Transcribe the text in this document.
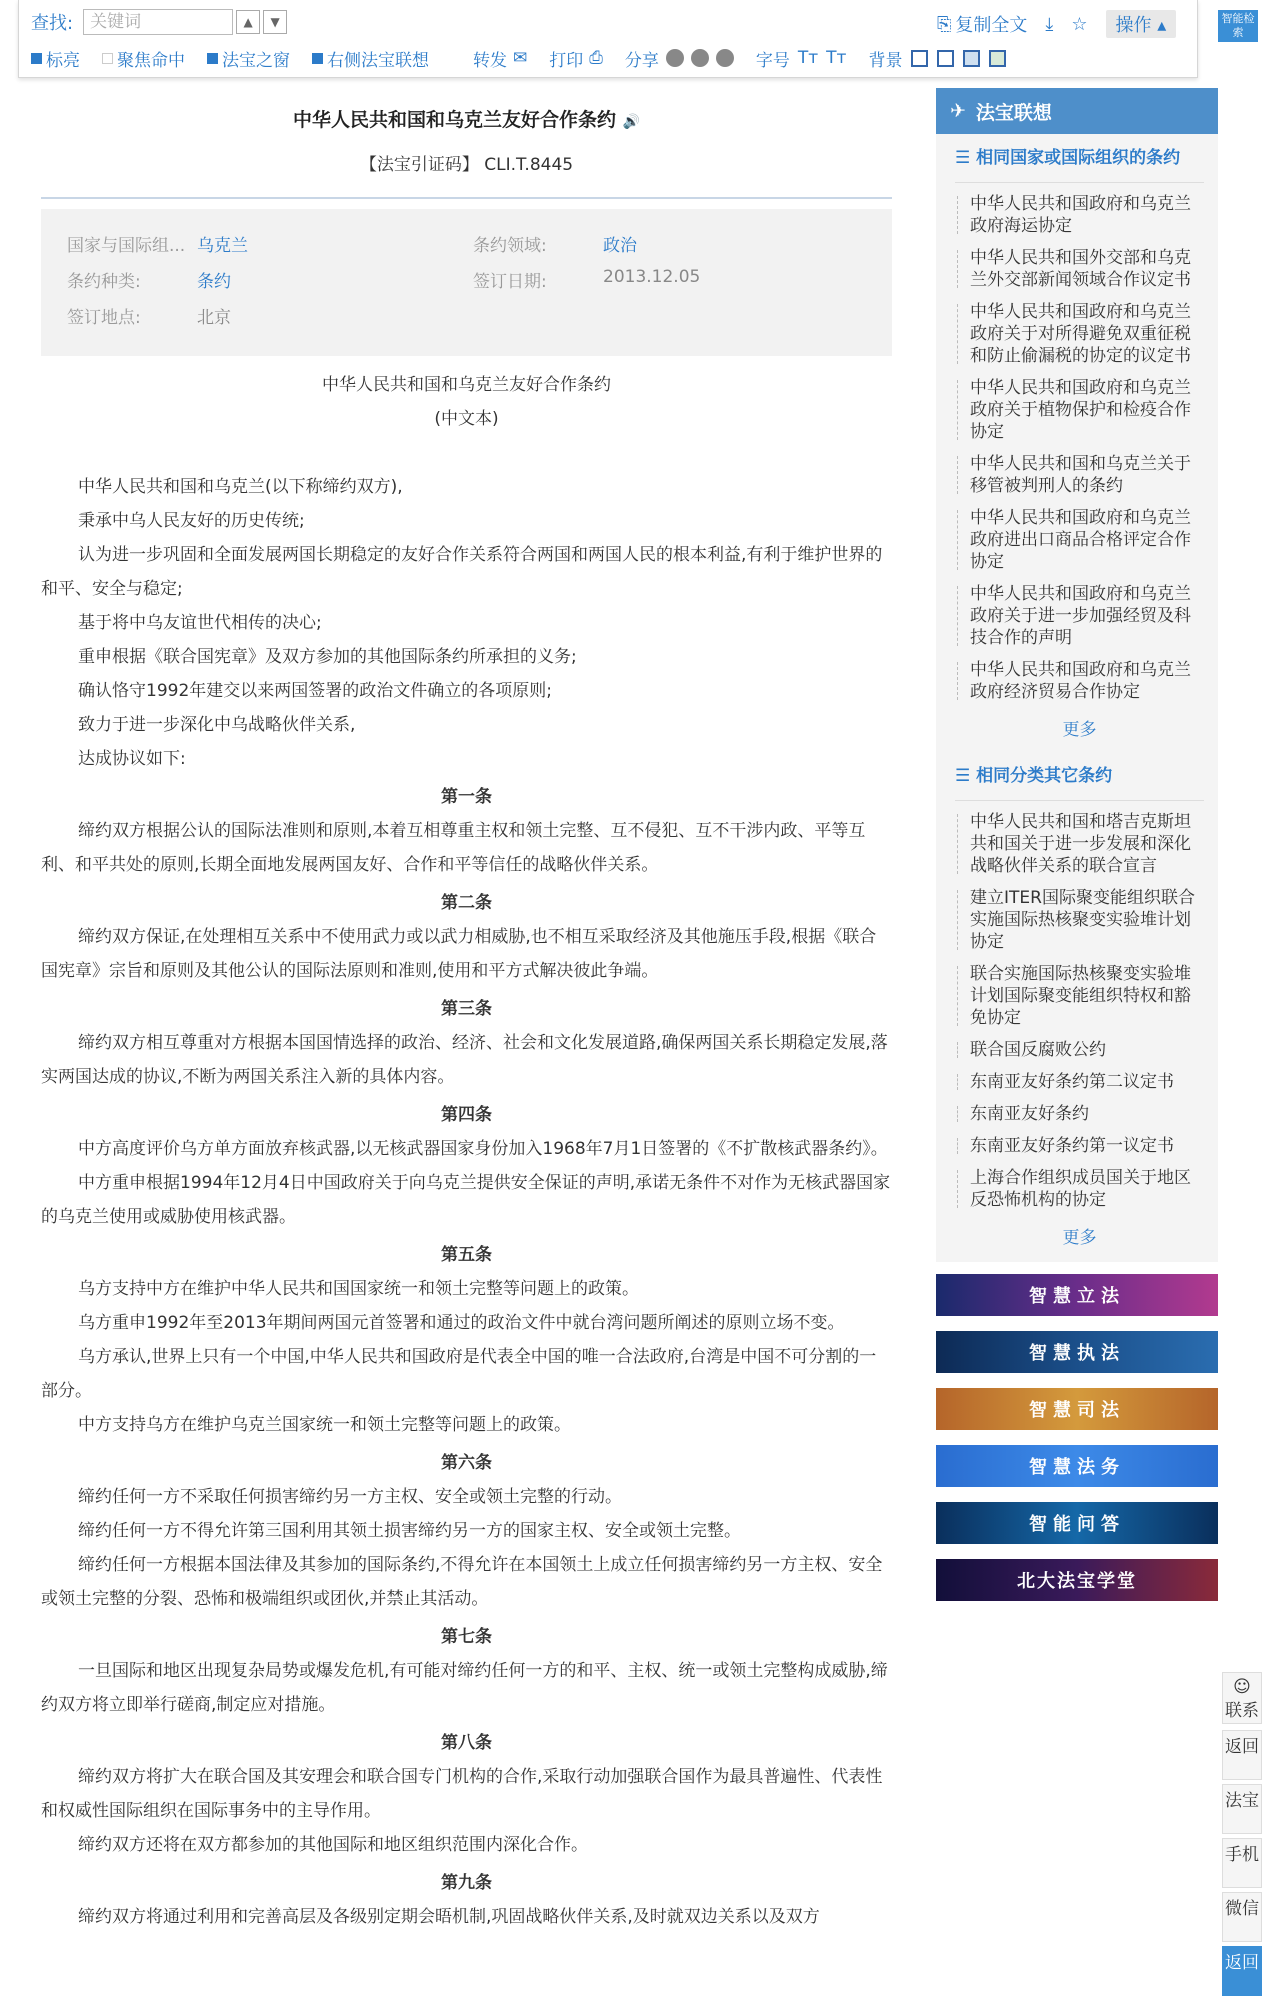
查找:	关键词	▲	▼	⎘ 复制全文 ⤓ ☆	操作 ▴
标亮 聚焦命中 法宝之窗 右侧法宝联想	转发 ✉ 打印 ⎙ 分享	字号 Tт Tт 背景
智能检索
中华人民共和国和乌克兰友好合作条约 🔊
【法宝引证码】 CLI.T.8445
国家与国际组... 乌克兰	条约领域:	政治
条约种类:	条约	签订日期:	2013.12.05
签订地点:	北京
中华人民共和国和乌克兰友好合作条约
(中文本)
中华人民共和国和乌克兰(以下称缔约双方),
秉承中乌人民友好的历史传统;
认为进一步巩固和全面发展两国长期稳定的友好合作关系符合两国和两国人民的根本利益,有利于维护世界的和平、安全与稳定;
基于将中乌友谊世代相传的决心;
重申根据《联合国宪章》及双方参加的其他国际条约所承担的义务;
确认恪守1992年建交以来两国签署的政治文件确立的各项原则;
致力于进一步深化中乌战略伙伴关系,
达成协议如下:
第一条
缔约双方根据公认的国际法准则和原则,本着互相尊重主权和领土完整、互不侵犯、互不干涉内政、平等互利、和平共处的原则,长期全面地发展两国友好、合作和平等信任的战略伙伴关系。
第二条
缔约双方保证,在处理相互关系中不使用武力或以武力相威胁,也不相互采取经济及其他施压手段,根据《联合国宪章》宗旨和原则及其他公认的国际法原则和准则,使用和平方式解决彼此争端。
第三条
缔约双方相互尊重对方根据本国国情选择的政治、经济、社会和文化发展道路,确保两国关系长期稳定发展,落实两国达成的协议,不断为两国关系注入新的具体内容。
第四条
中方高度评价乌方单方面放弃核武器,以无核武器国家身份加入1968年7月1日签署的《不扩散核武器条约》。
中方重申根据1994年12月4日中国政府关于向乌克兰提供安全保证的声明,承诺无条件不对作为无核武器国家的乌克兰使用或威胁使用核武器。
第五条
乌方支持中方在维护中华人民共和国国家统一和领土完整等问题上的政策。
乌方重申1992年至2013年期间两国元首签署和通过的政治文件中就台湾问题所阐述的原则立场不变。
乌方承认,世界上只有一个中国,中华人民共和国政府是代表全中国的唯一合法政府,台湾是中国不可分割的一部分。
中方支持乌方在维护乌克兰国家统一和领土完整等问题上的政策。
第六条
缔约任何一方不采取任何损害缔约另一方主权、安全或领土完整的行动。
缔约任何一方不得允许第三国利用其领土损害缔约另一方的国家主权、安全或领土完整。
缔约任何一方根据本国法律及其参加的国际条约,不得允许在本国领土上成立任何损害缔约另一方主权、安全或领土完整的分裂、恐怖和极端组织或团伙,并禁止其活动。
第七条
一旦国际和地区出现复杂局势或爆发危机,有可能对缔约任何一方的和平、主权、统一或领土完整构成威胁,缔约双方将立即举行磋商,制定应对措施。
第八条
缔约双方将扩大在联合国及其安理会和联合国专门机构的合作,采取行动加强联合国作为最具普遍性、代表性和权威性国际组织在国际事务中的主导作用。
缔约双方还将在双方都参加的其他国际和地区组织范围内深化合作。
第九条
缔约双方将通过利用和完善高层及各级别定期会晤机制,巩固战略伙伴关系,及时就双边关系以及双方
✈ 法宝联想
☰ 相同国家或国际组织的条约
中华人民共和国政府和乌克兰政府海运协定
中华人民共和国外交部和乌克兰外交部新闻领域合作议定书
中华人民共和国政府和乌克兰政府关于对所得避免双重征税和防止偷漏税的协定的议定书
中华人民共和国政府和乌克兰政府关于植物保护和检疫合作协定
中华人民共和国和乌克兰关于移管被判刑人的条约
中华人民共和国政府和乌克兰政府进出口商品合格评定合作协定
中华人民共和国政府和乌克兰政府关于进一步加强经贸及科技合作的声明
中华人民共和国政府和乌克兰政府经济贸易合作协定
更多
☰ 相同分类其它条约
中华人民共和国和塔吉克斯坦共和国关于进一步发展和深化战略伙伴关系的联合宣言
建立ITER国际聚变能组织联合实施国际热核聚变实验堆计划协定
联合实施国际热核聚变实验堆计划国际聚变能组织特权和豁免协定
联合国反腐败公约
东南亚友好条约第二议定书
东南亚友好条约
东南亚友好条约第一议定书
上海合作组织成员国关于地区反恐怖机构的协定
更多
智慧立法
智慧执法
智慧司法
智慧法务
智能问答
北大法宝学堂
☺
联系
返回
法宝
手机
微信
返回
